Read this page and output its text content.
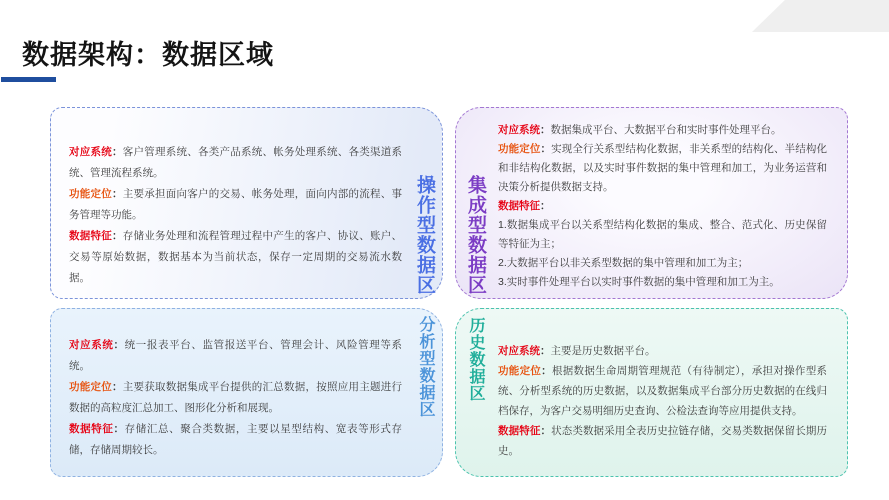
数据架构：数据区域

对应系统：客户管理系统、各类产品系统、帐务处理系统、各类渠道系统、管理流程系统。

功能定位：主要承担面向客户的交易、帐务处理，面向内部的流程、事务管理等功能。

数据特征：存储业务处理和流程管理过程中产生的客户、协议、账户、交易等原始数据，数据基本为当前状态，保存一定周期的交易流水数据。	操作型数据区

对应系统：数据集成平台、大数据平台和实时事件处理平台。

功能定位：实现全行关系型结构化数据，非关系型的结构化、半结构化和非结构化数据，以及实时事件数据的集中管理和加工，为业务运营和决策分析提供数据支持。

数据特征：
1.数据集成平台以关系型结构化数据的集成、整合、范式化、历史保留等特征为主；
2.大数据平台以非关系型数据的集中管理和加工为主；
3.实时事件处理平台以实时事件数据的集中管理和加工为主。

集成型数据区

对应系统：统一报表平台、监管报送平台、管理会计、风险管理等系统。

功能定位：主要获取数据集成平台提供的汇总数据，按照应用主题进行数据的高粒度汇总加工、图形化分析和展现。

数据特征：存储汇总、聚合类数据，主要以星型结构、宽表等形式存储，存储周期较长。

分析型数据区	对应系统：主要是历史数据平台。

功能定位：根据数据生命周期管理规范（有待制定），承担对操作型系统、分析型系统的历史数据，以及数据集成平台部分历史数据的在线归档保存，为客户交易明细历史查询、公检法查询等应用提供支持。

数据特征：状态类数据采用全表历史拉链存储，交易类数据保留长期历史。

历史数据区
